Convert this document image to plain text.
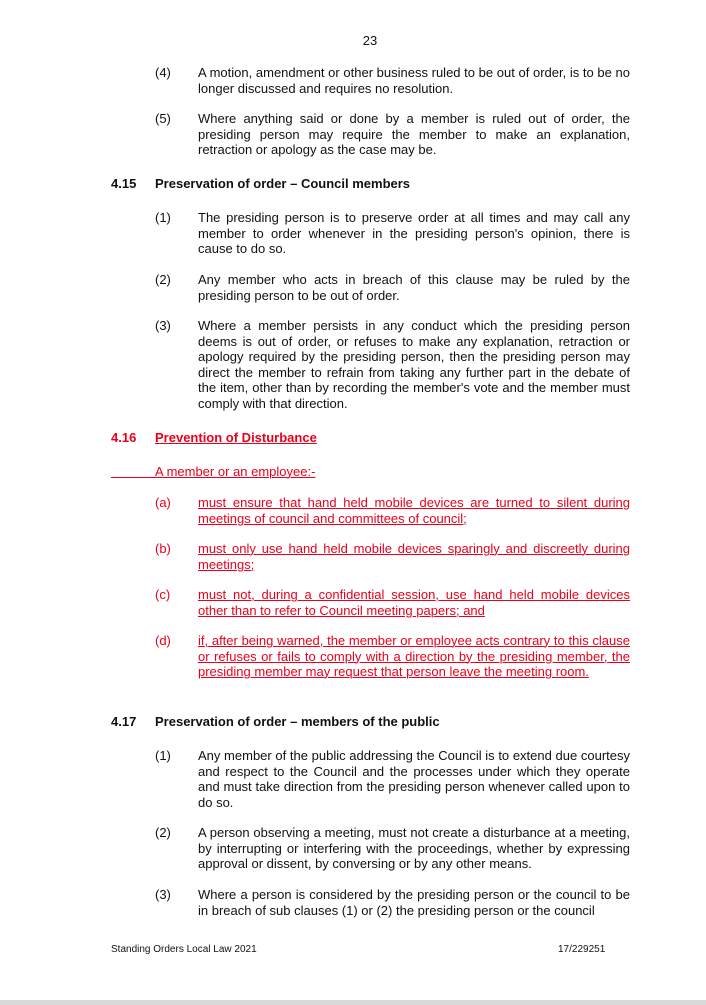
23
(4) A motion, amendment or other business ruled to be out of order, is to be no longer discussed and requires no resolution.
(5) Where anything said or done by a member is ruled out of order, the presiding person may require the member to make an explanation, retraction or apology as the case may be.
4.15 Preservation of order – Council members
(1) The presiding person is to preserve order at all times and may call any member to order whenever in the presiding person's opinion, there is cause to do so.
(2) Any member who acts in breach of this clause may be ruled by the presiding person to be out of order.
(3) Where a member persists in any conduct which the presiding person deems is out of order, or refuses to make any explanation, retraction or apology required by the presiding person, then the presiding person may direct the member to refrain from taking any further part in the debate of the item, other than by recording the member's vote and the member must comply with that direction.
4.16 Prevention of Disturbance
A member or an employee:-
(a) must ensure that hand held mobile devices are turned to silent during meetings of council and committees of council;
(b) must only use hand held mobile devices sparingly and discreetly during meetings;
(c) must not, during a confidential session, use hand held mobile devices other than to refer to Council meeting papers; and
(d) if, after being warned, the member or employee acts contrary to this clause or refuses or fails to comply with a direction by the presiding member, the presiding member may request that person leave the meeting room.
4.17 Preservation of order – members of the public
(1) Any member of the public addressing the Council is to extend due courtesy and respect to the Council and the processes under which they operate and must take direction from the presiding person whenever called upon to do so.
(2) A person observing a meeting, must not create a disturbance at a meeting, by interrupting or interfering with the proceedings, whether by expressing approval or dissent, by conversing or by any other means.
(3) Where a person is considered by the presiding person or the council to be in breach of sub clauses (1) or (2) the presiding person or the council
Standing Orders Local Law 2021	17/229251
